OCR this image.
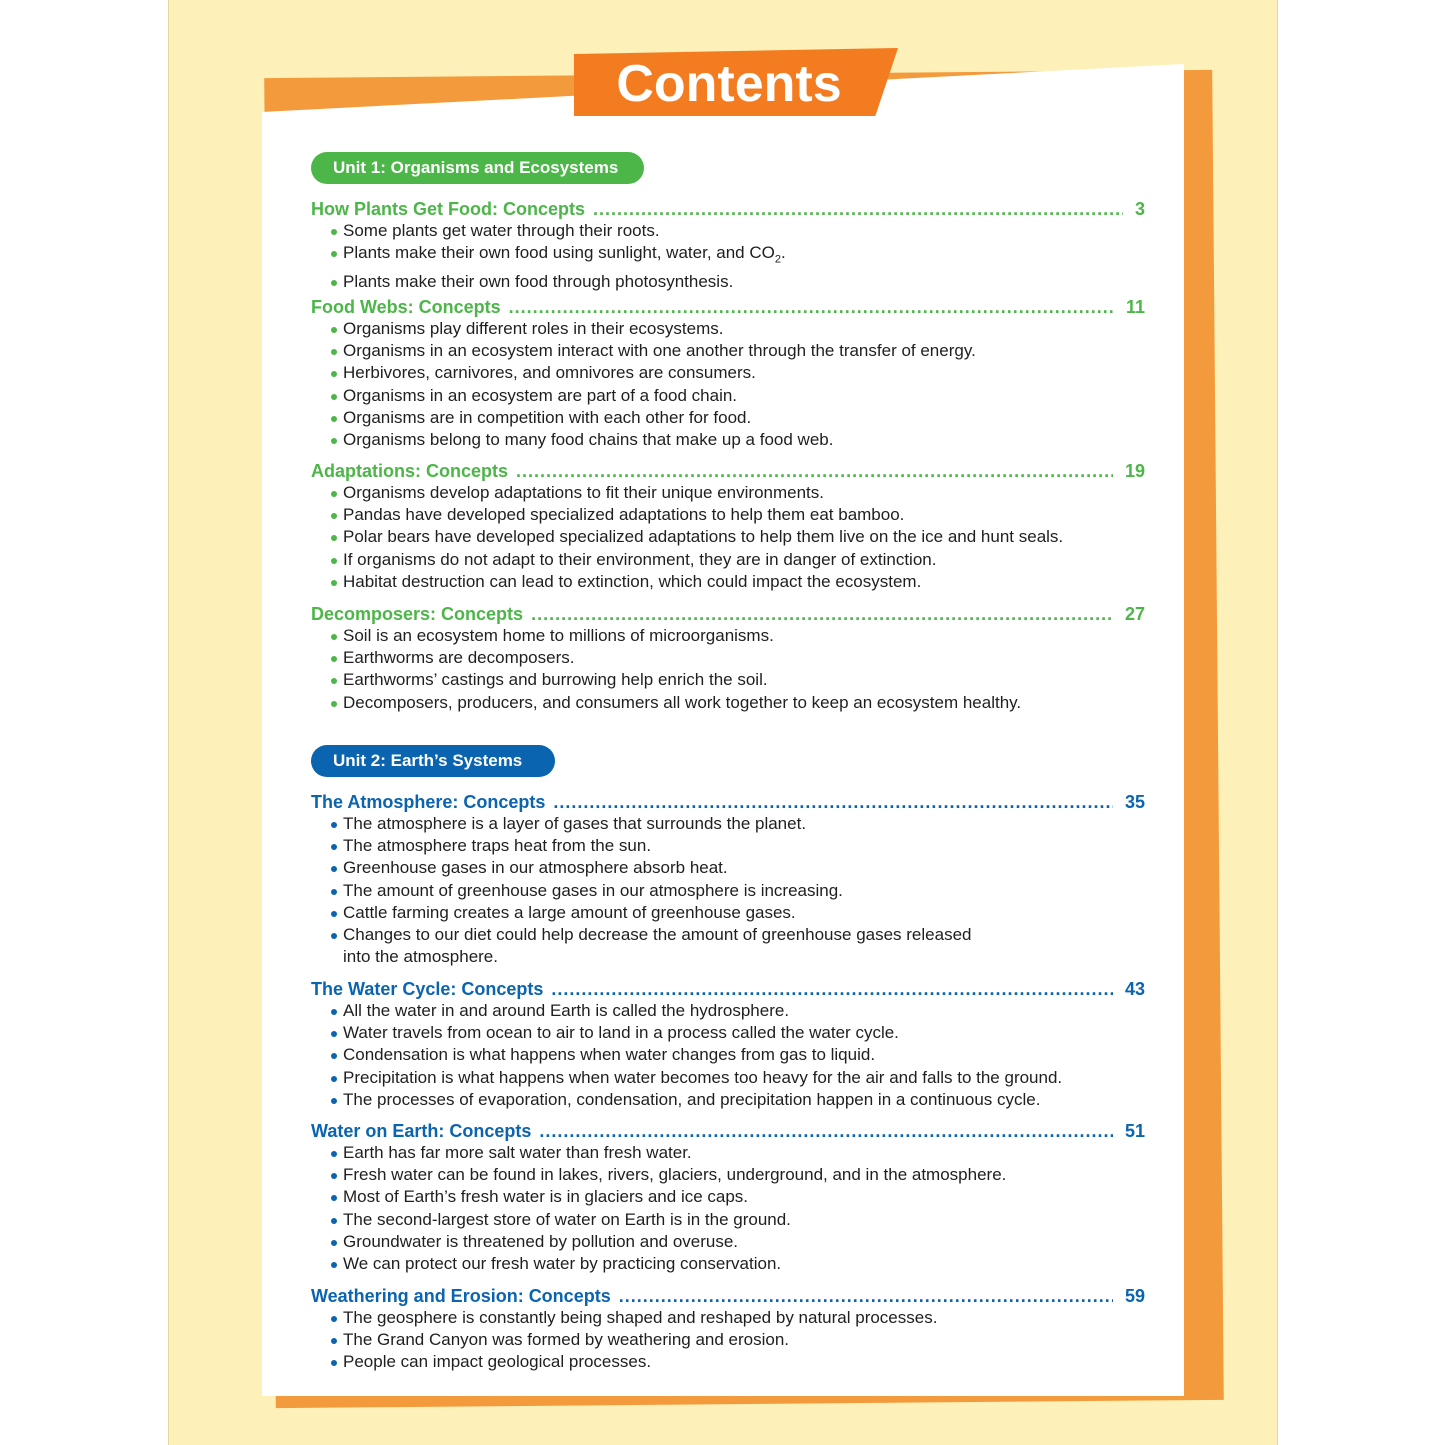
Contents
Unit 1: Organisms and Ecosystems
How Plants Get Food: Concepts .....	3
Some plants get water through their roots.
Plants make their own food using sunlight, water, and $CO_2$.
Plants make their own food through photosynthesis.
Food Webs: Concepts .....	11
Organisms play different roles in their ecosystems.
Organisms in an ecosystem interact with one another through the transfer of energy.
Herbivores, carnivores, and omnivores are consumers.
Organisms in an ecosystem are part of a food chain.
Organisms are in competition with each other for food.
Organisms belong to many food chains that make up a food web.
Adaptations: Concepts .....	19
Organisms develop adaptations to fit their unique environments.
Pandas have developed specialized adaptations to help them eat bamboo.
Polar bears have developed specialized adaptations to help them live on the ice and hunt seals.
If organisms do not adapt to their environment, they are in danger of extinction.
Habitat destruction can lead to extinction, which could impact the ecosystem.
Decomposers: Concepts .....	27
Soil is an ecosystem home to millions of microorganisms.
Earthworms are decomposers.
Earthworms’ castings and burrowing help enrich the soil.
Decomposers, producers, and consumers all work together to keep an ecosystem healthy.
Unit 2: Earth’s Systems
The Atmosphere: Concepts .....	35
The atmosphere is a layer of gases that surrounds the planet.
The atmosphere traps heat from the sun.
Greenhouse gases in our atmosphere absorb heat.
The amount of greenhouse gases in our atmosphere is increasing.
Cattle farming creates a large amount of greenhouse gases.
Changes to our diet could help decrease the amount of greenhouse gases released
into the atmosphere.
The Water Cycle: Concepts .....	43
All the water in and around Earth is called the hydrosphere.
Water travels from ocean to air to land in a process called the water cycle.
Condensation is what happens when water changes from gas to liquid.
Precipitation is what happens when water becomes too heavy for the air and falls to the ground.
The processes of evaporation, condensation, and precipitation happen in a continuous cycle.
Water on Earth: Concepts .....	51
Earth has far more salt water than fresh water.
Fresh water can be found in lakes, rivers, glaciers, underground, and in the atmosphere.
Most of Earth’s fresh water is in glaciers and ice caps.
The second-largest store of water on Earth is in the ground.
Groundwater is threatened by pollution and overuse.
We can protect our fresh water by practicing conservation.
Weathering and Erosion: Concepts .....	59
The geosphere is constantly being shaped and reshaped by natural processes.
The Grand Canyon was formed by weathering and erosion.
People can impact geological processes.
